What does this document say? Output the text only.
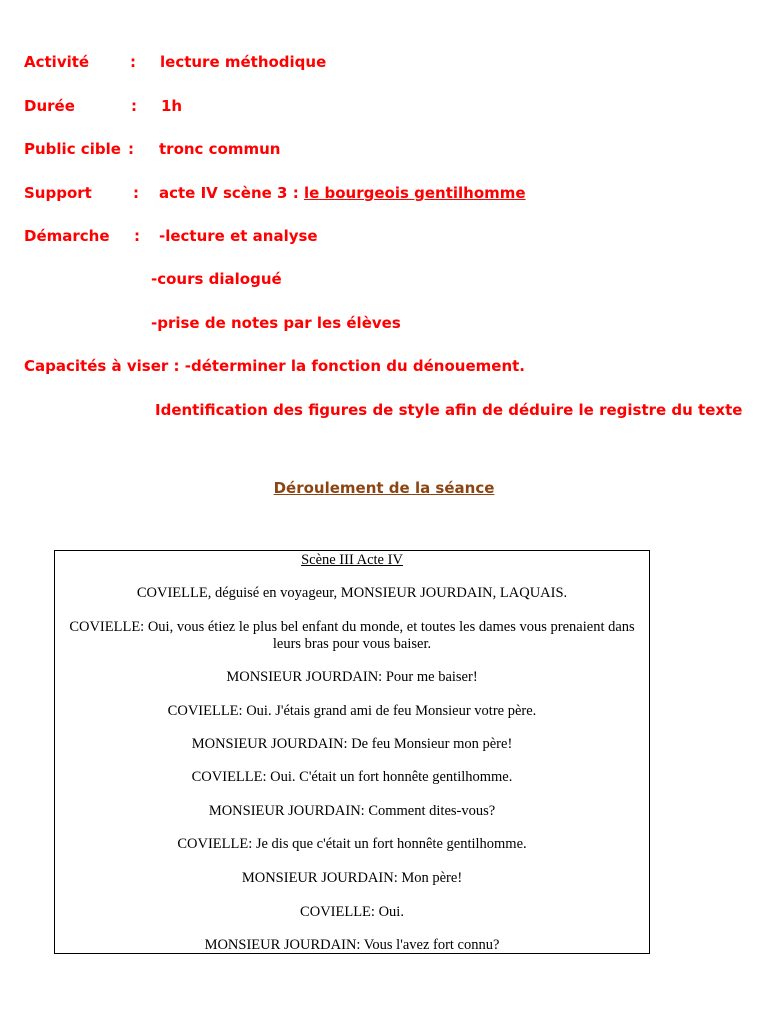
Activité	: lecture méthodique
Durée	: 1h
Public cible : tronc commun
Support	: acte IV scène 3 : le bourgeois gentilhomme
Démarche : -lecture et analyse
-cours dialogué
-prise de notes par les élèves
Capacités à viser : -déterminer la fonction du dénouement.
Identification des figures de style afin de déduire le registre du texte
Déroulement de la séance
Scène III Acte IV
COVIELLE, déguisé en voyageur, MONSIEUR JOURDAIN, LAQUAIS.
COVIELLE: Oui, vous étiez le plus bel enfant du monde, et toutes les dames vous prenaient dans leurs bras pour vous baiser.
MONSIEUR JOURDAIN: Pour me baiser!
COVIELLE: Oui. J'étais grand ami de feu Monsieur votre père.
MONSIEUR JOURDAIN: De feu Monsieur mon père!
COVIELLE: Oui. C'était un fort honnête gentilhomme.
MONSIEUR JOURDAIN: Comment dites-vous?
COVIELLE: Je dis que c'était un fort honnête gentilhomme.
MONSIEUR JOURDAIN: Mon père!
COVIELLE: Oui.
MONSIEUR JOURDAIN: Vous l'avez fort connu?
